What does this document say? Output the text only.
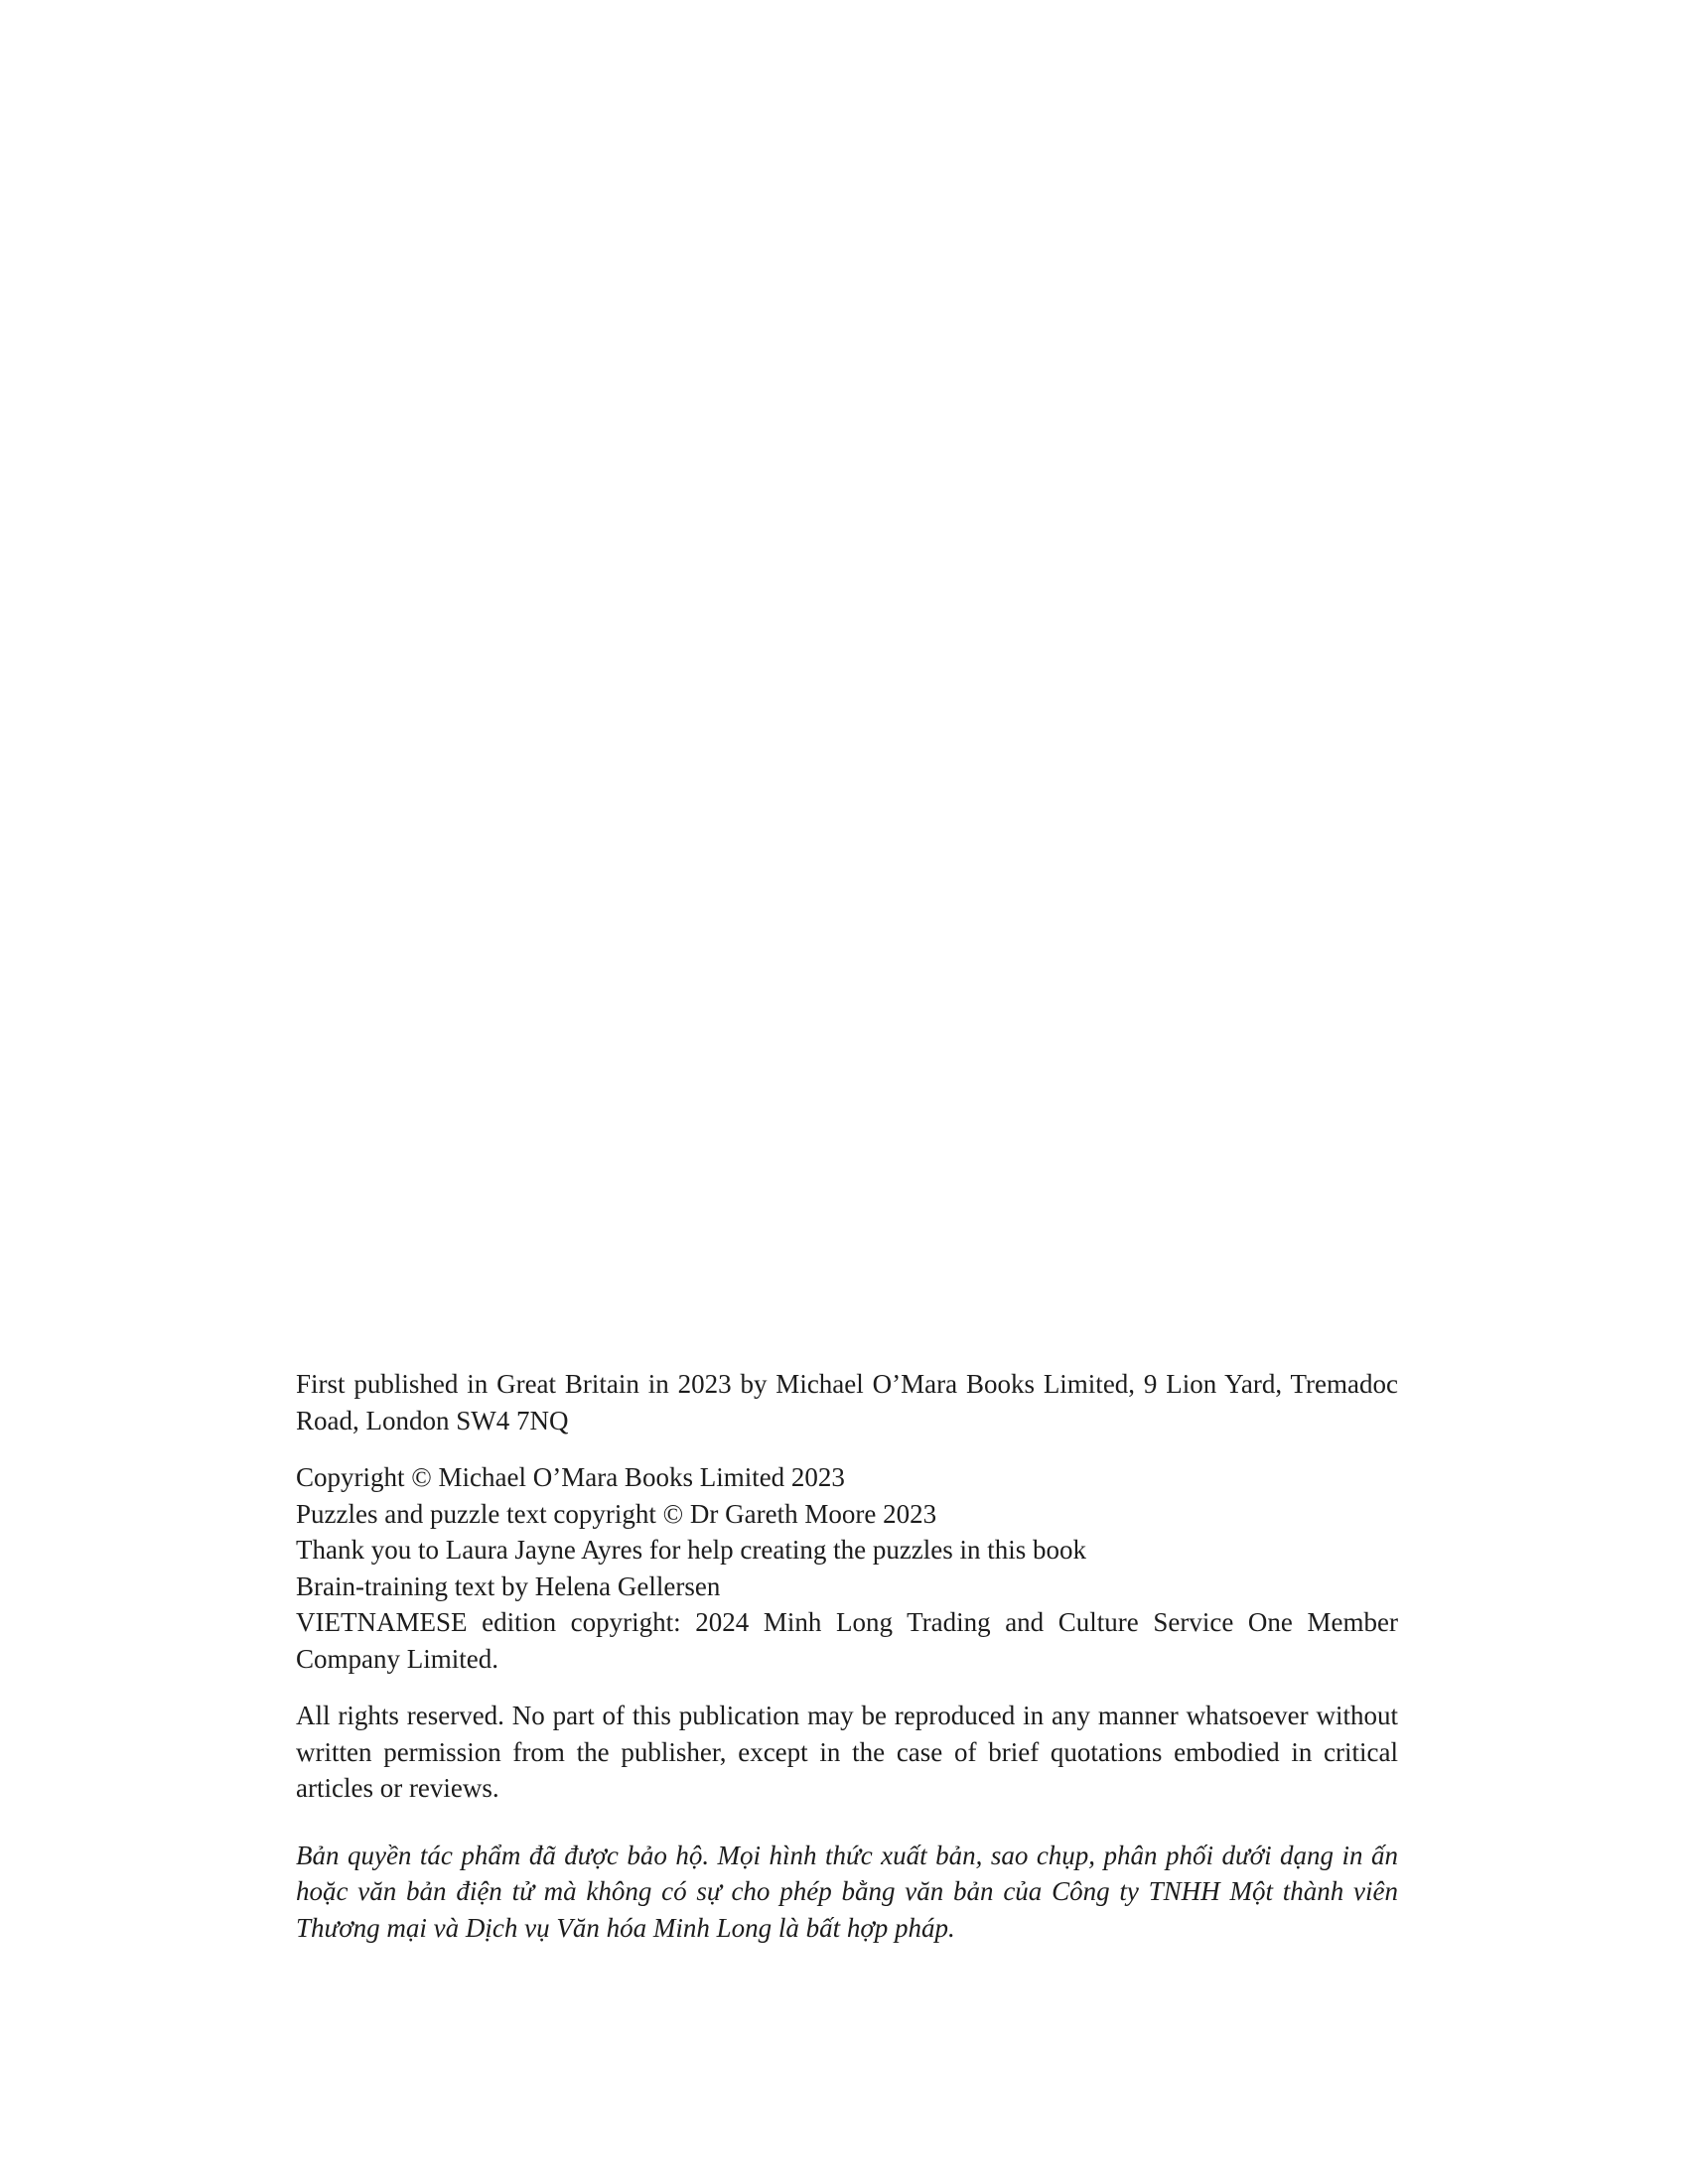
First published in Great Britain in 2023 by Michael O’Mara Books Limited, 9 Lion Yard, Tremadoc Road, London SW4 7NQ

Copyright © Michael O’Mara Books Limited 2023
Puzzles and puzzle text copyright © Dr Gareth Moore 2023
Thank you to Laura Jayne Ayres for help creating the puzzles in this book
Brain-training text by Helena Gellersen
VIETNAMESE edition copyright: 2024 Minh Long Trading and Culture Service One Member Company Limited.

All rights reserved. No part of this publication may be reproduced in any manner whatsoever without written permission from the publisher, except in the case of brief quotations embodied in critical articles or reviews.

Bản quyền tác phẩm đã được bảo hộ. Mọi hình thức xuất bản, sao chụp, phân phối dưới dạng in ấn hoặc văn bản điện tử mà không có sự cho phép bằng văn bản của Công ty TNHH Một thành viên Thương mại và Dịch vụ Văn hóa Minh Long là bất hợp pháp.
